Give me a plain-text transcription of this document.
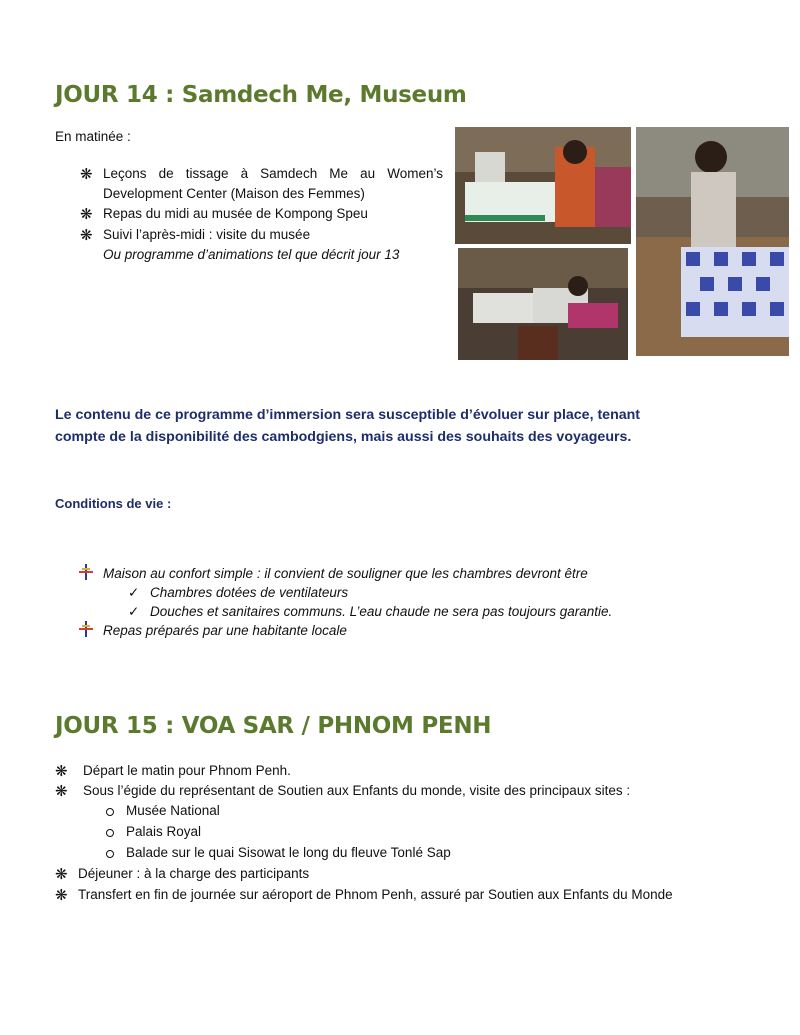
JOUR 14 : Samdech Me, Museum
En matinée :
❋ Leçons de tissage à Samdech Me au Women’s
Development Center (Maison des Femmes)
❋ Repas du midi au musée de Kompong Speu
❋ Suivi l’après-midi : visite du musée
Ou programme d’animations tel que décrit jour 13
Le contenu de ce programme d’immersion sera susceptible d’évoluer sur place, tenant
compte de la disponibilité des cambodgiens, mais aussi des souhaits des voyageurs.
Conditions de vie :
Maison au confort simple : il convient de souligner que les chambres devront être
✓ Chambres dotées de ventilateurs
✓ Douches et sanitaires communs. L’eau chaude ne sera pas toujours garantie.
Repas préparés par une habitante locale
JOUR 15 : VOA SAR / PHNOM PENH
❋ Départ le matin pour Phnom Penh.
❋ Sous l’égide du représentant de Soutien aux Enfants du monde, visite des principaux sites :
Musée National
Palais Royal
Balade sur le quai Sisowat le long du fleuve Tonlé Sap
❋ Déjeuner : à la charge des participants
❋ Transfert en fin de journée sur aéroport de Phnom Penh, assuré par Soutien aux Enfants du Monde
